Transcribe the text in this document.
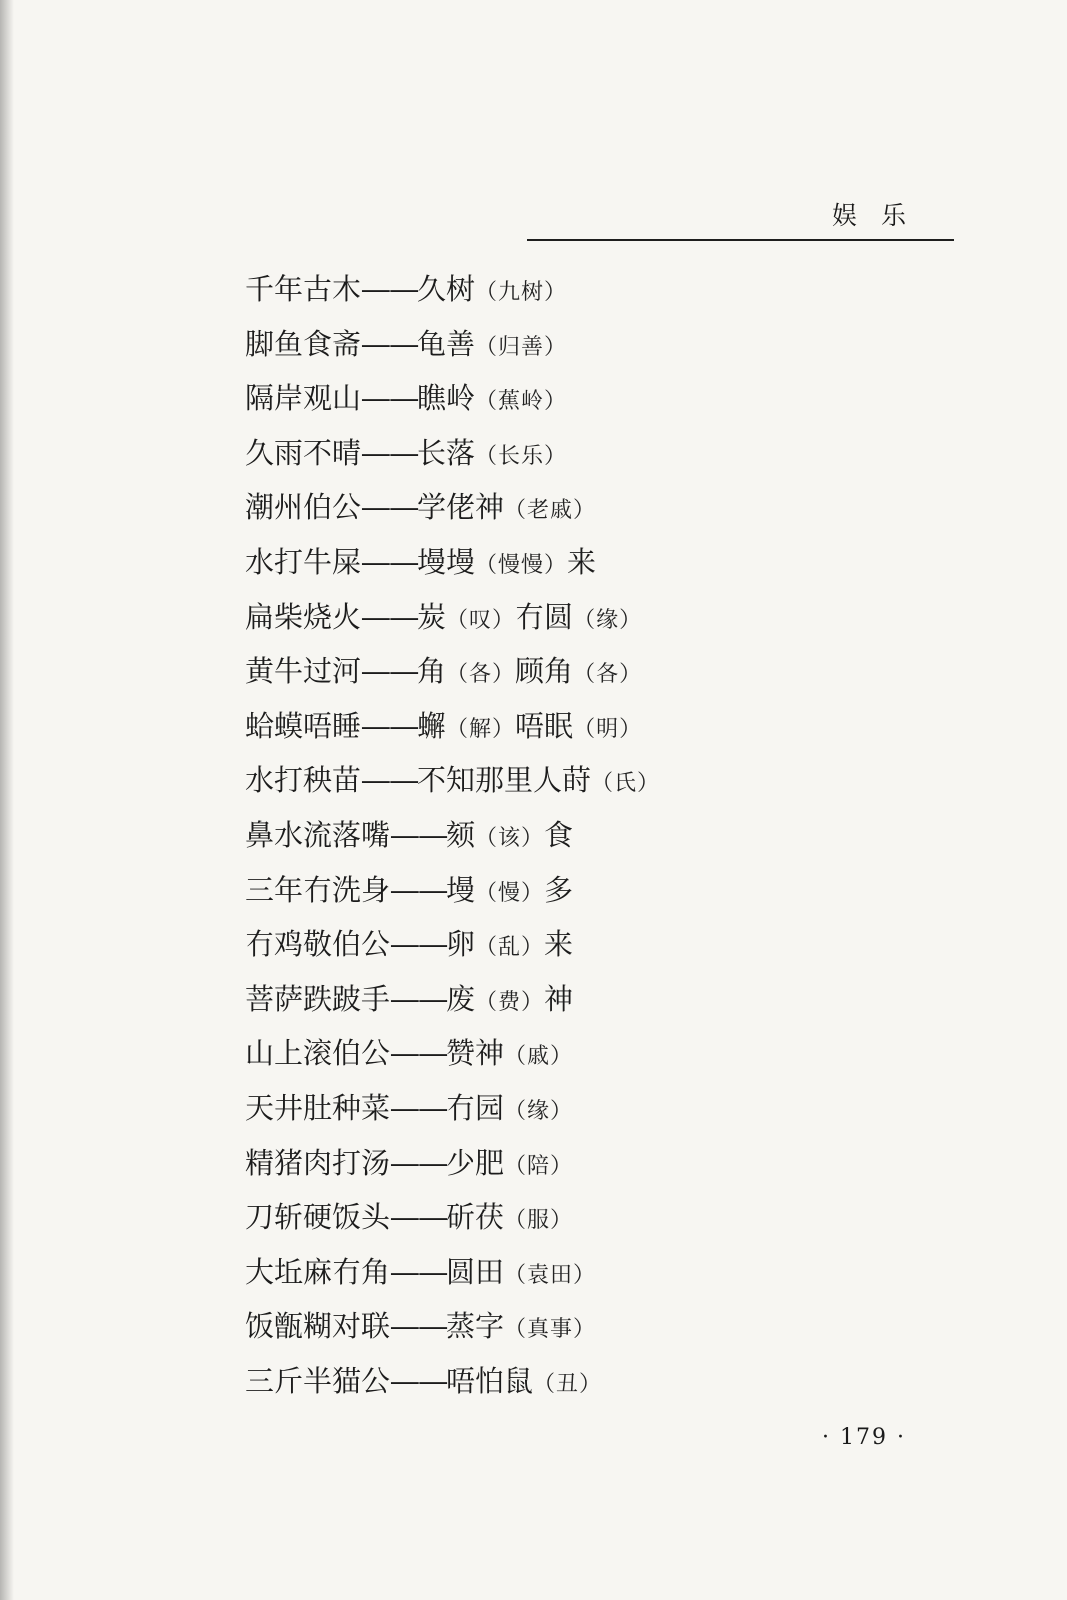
娱 乐
千年古木——久树（九树）
脚鱼食斋——龟善（归善）
隔岸观山——瞧岭（蕉岭）
久雨不晴——长落（长乐）
潮州伯公——学佬神（老戚）
水打牛屎——墁墁（慢慢）来
扁柴烧火——炭（叹）冇圆（缘）
黄牛过河——角（各）顾角（各）
蛤蟆唔睡——蠏（解）唔眠（明）
水打秧苗——不知那里人莳（氏）
鼻水流落嘴——颏（该）食
三年冇洗身——墁（慢）多
冇鸡敬伯公——卵（乱）来
菩萨跌跛手——废（费）神
山上滚伯公——赞神（戚）
天井肚种菜——冇园（缘）
精猪肉打汤——少肥（陪）
刀斩硬饭头——斫茯（服）
大坵麻冇角——圆田（袁田）
饭甑糊对联——蒸字（真事）
三斤半猫公——唔怕鼠（丑）
· 179 ·
